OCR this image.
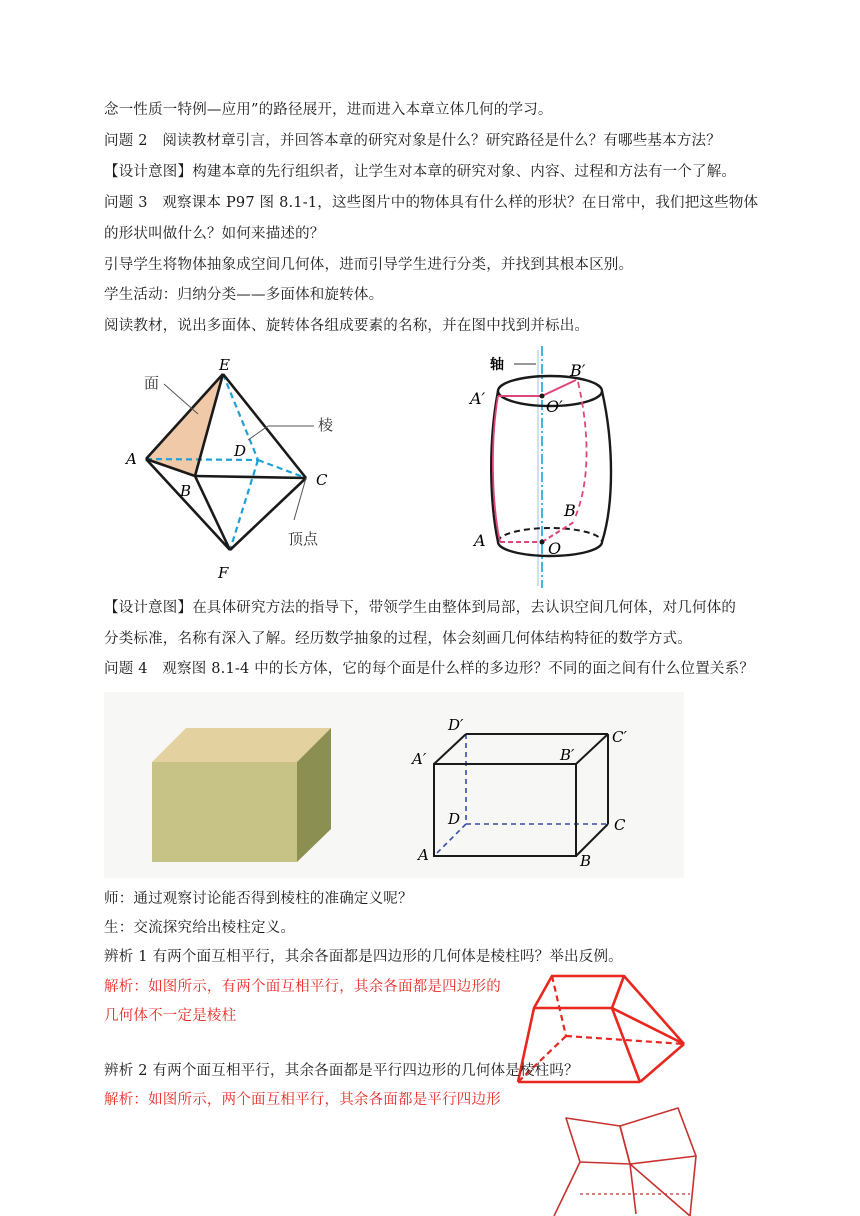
念一性质一特例—应用”的路径展开，进而进入本章立体几何的学习。
问题 2　阅读教材章引言，并回答本章的研究对象是什么？研究路径是什么？有哪些基本方法？
【设计意图】构建本章的先行组织者，让学生对本章的研究对象、内容、过程和方法有一个了解。
问题 3　观察课本 P97 图 8.1-1，这些图片中的物体具有什么样的形状？在日常中，我们把这些物体
的形状叫做什么？如何来描述的？
引导学生将物体抽象成空间几何体，进而引导学生进行分类，并找到其根本区别。
学生活动：归纳分类——多面体和旋转体。
阅读教材，说出多面体、旋转体各组成要素的名称，并在图中找到并标出。
面
棱
顶点
E
A	D
B
C
F
轴
A′
B′
O′
B
A	O
【设计意图】在具体研究方法的指导下，带领学生由整体到局部，去认识空间几何体，对几何体的
分类标准，名称有深入了解。经历数学抽象的过程，体会刻画几何体结构特征的数学方式。
问题 4　观察图 8.1-4 中的长方体，它的每个面是什么样的多边形？不同的面之间有什么位置关系？
D′
C′
A′	B′
D	C
A	B
师：通过观察讨论能否得到棱柱的准确定义呢？
生：交流探究给出棱柱定义。
辨析 1 有两个面互相平行，其余各面都是四边形的几何体是棱柱吗？举出反例。
解析：如图所示，有两个面互相平行，其余各面都是四边形的
几何体不一定是棱柱
辨析 2 有两个面互相平行，其余各面都是平行四边形的几何体是棱柱吗？
解析：如图所示，两个面互相平行，其余各面都是平行四边形
